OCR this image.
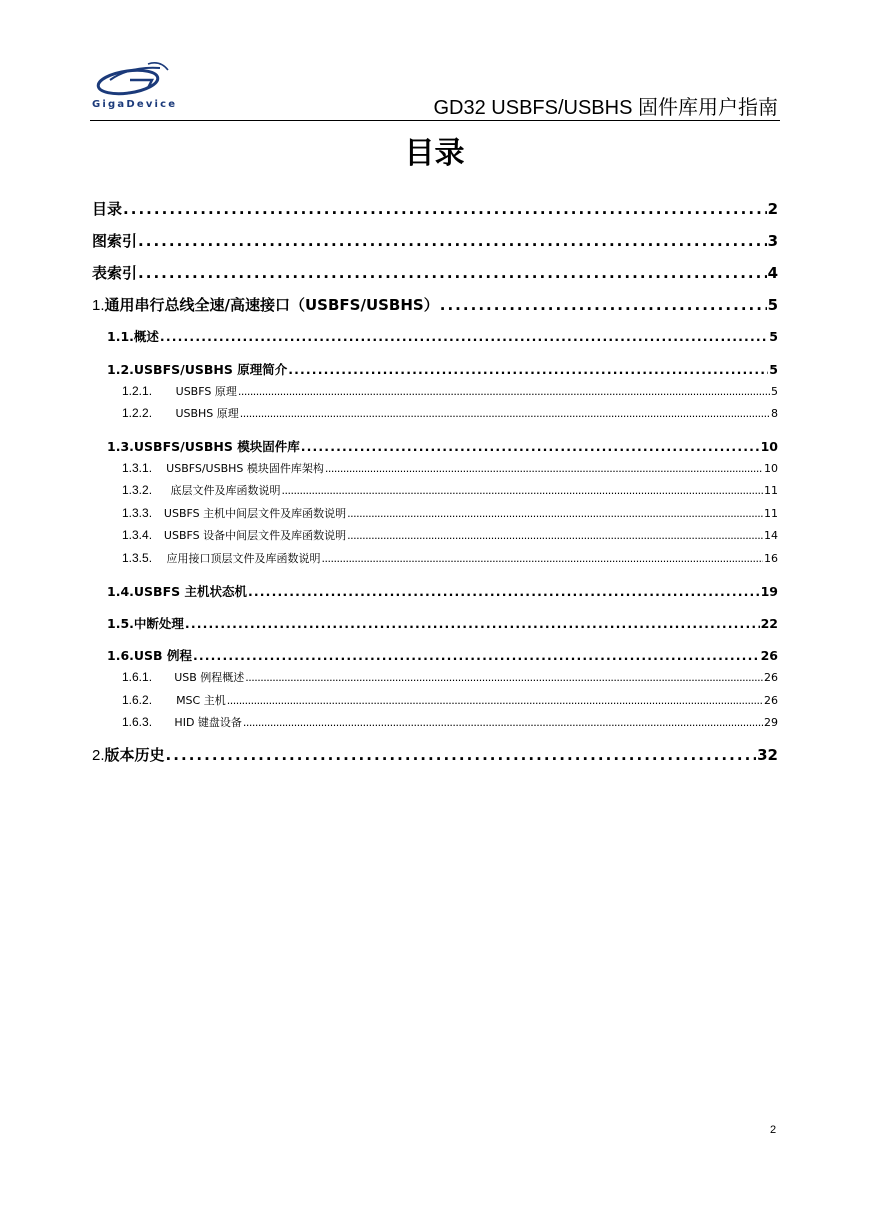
GigaDevice	GD32 USBFS/USBHS 固件库用户指南
目录
目录 . . .	2
图索引 . . .	3
表索引 . . .	4
1. 通用串行总线全速/高速接口（USBFS/USBHS） . . .	5
1.1. 概述 . . .	5
1.2. USBFS/USBHS 原理简介 . . .	5
1.2.1.	USBFS 原理 . . .	5
1.2.2.	USBHS 原理 . . .	8
1.3. USBFS/USBHS 模块固件库 . . .	10
1.3.1.	USBFS/USBHS 模块固件库架构 . . .	10
1.3.2.	底层文件及库函数说明 . . .	11
1.3.3.	USBFS 主机中间层文件及库函数说明 . . .	11
1.3.4.	USBFS 设备中间层文件及库函数说明 . . .	14
1.3.5.	应用接口顶层文件及库函数说明 . . .	16
1.4. USBFS 主机状态机 . . .	19
1.5. 中断处理 . . .	22
1.6. USB 例程 . . .	26
1.6.1.	USB 例程概述 . . .	26
1.6.2.	MSC 主机 . . .	26
1.6.3.	HID 键盘设备 . . .	29
2. 版本历史 . . .	32
2
